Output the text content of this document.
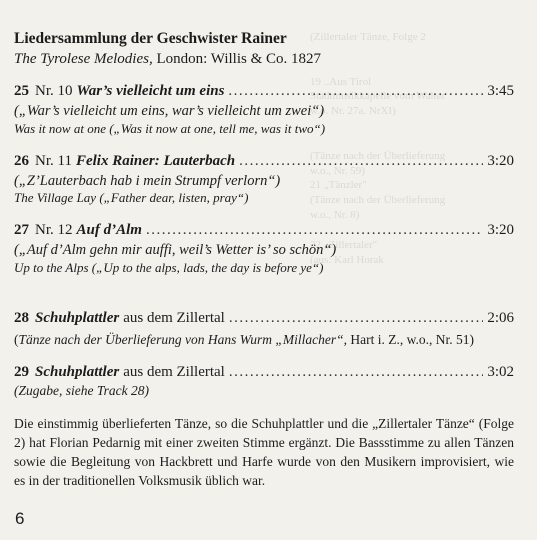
(Zillertaler Tänze, Folge 2

19 ..Aus Tirol
Stadtmusikkapelle vom Walter
w.o. Nr. 27a. NrXI)

(Tänze nach der Überlieferung
w.o., Nr. 59)
21 „Tänzler"
(Tänze nach der Überlieferung
w.o., Nr. 8)

22 „Zillertaler"
(aus: Karl Horak

Liedersammlung der Geschwister Rainer

The Tyrolese Melodies, London: Willis & Co. 1827

25 Nr. 10 War’s vielleicht um eins .....	3:45

(„War’s vielleicht um eins, war’s vielleicht um zwei“)

Was it now at one („Was it now at one, tell me, was it two“)

26 Nr. 11 Felix Rainer: Lauterbach .....	3:20

(„Z’Lauterbach hab i mein Strumpf verlorn“)

The Village Lay („Father dear, listen, pray“)

27 Nr. 12 Auf d’Alm .....	3:20

(„Auf d’Alm gehn mir auffi, weil’s Wetter is’ so schön“)

Up to the Alps („Up to the alps, lads, the day is before ye“)

28 Schuhplattler aus dem Zillertal .....	2:06

(Tänze nach der Überlieferung von Hans Wurm „Millacher“, Hart i. Z., w.o., Nr. 51)

29 Schuhplattler aus dem Zillertal .....	3:02

(Zugabe, siehe Track 28)

Die einstimmig überlieferten Tänze, so die Schuhplattler und die „Zillertaler Tänze“ (Folge 2) hat Florian Pedarnig mit einer zweiten Stimme ergänzt. Die Bassstimme zu allen Tänzen sowie die Begleitung von Hackbrett und Harfe wurde von den Musikern improvisiert, wie es in der traditionellen Volksmusik üblich war.

6
